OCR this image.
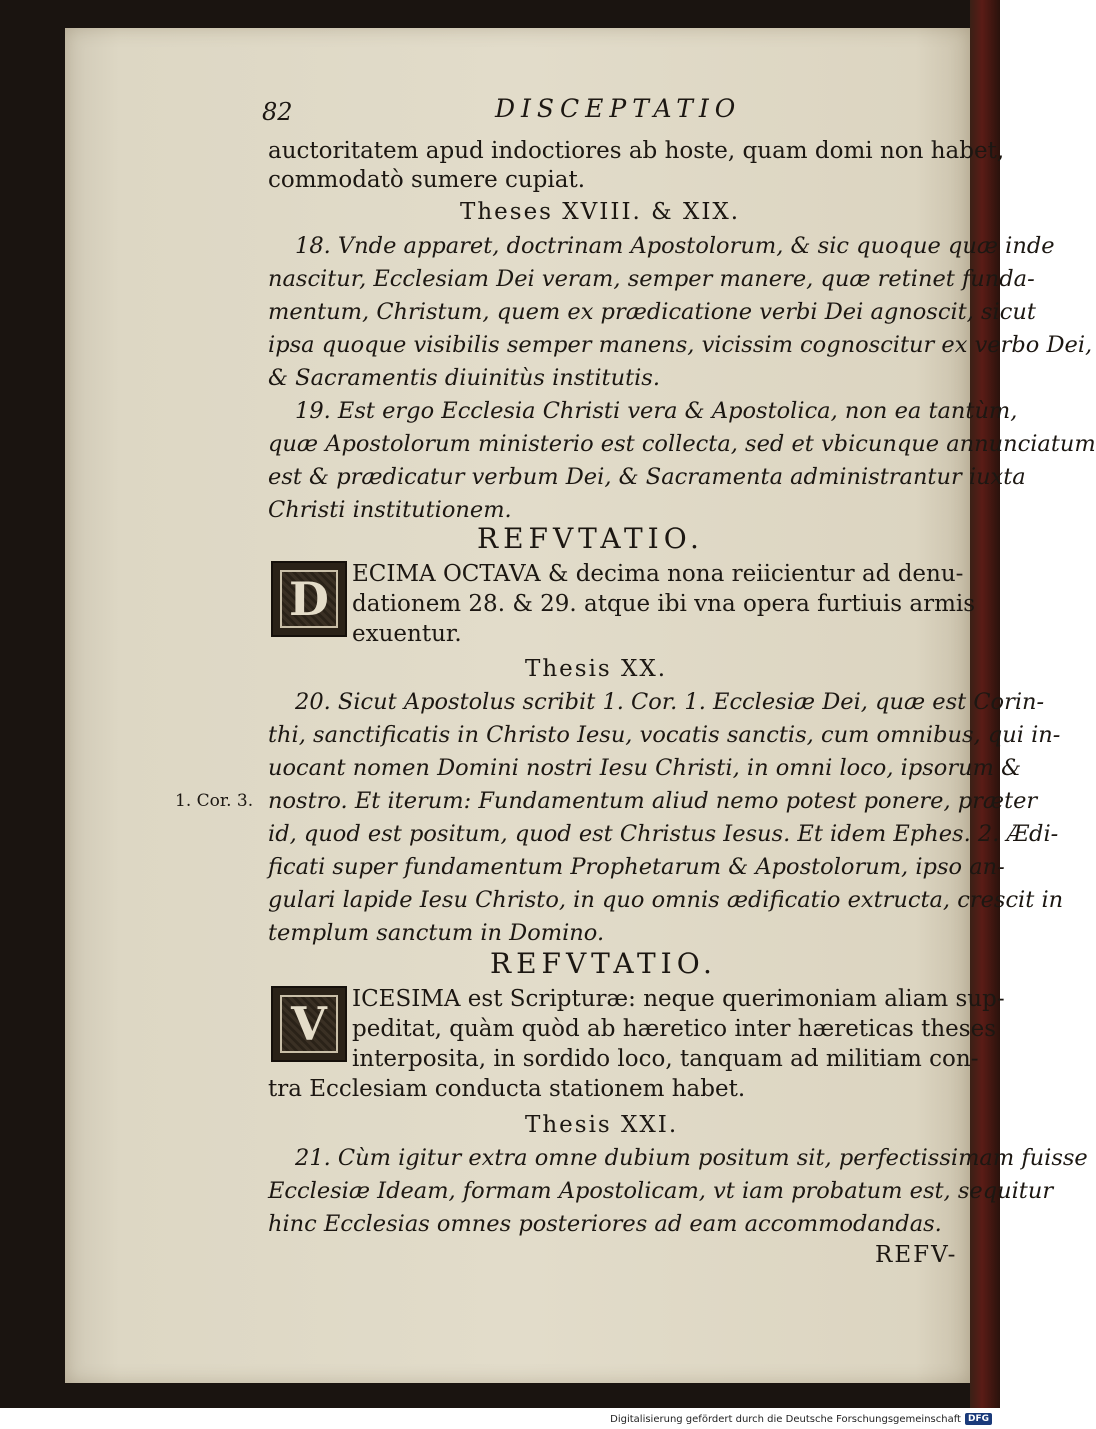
82	DISCEPTATIO
auctoritatem apud indoctiores ab hoste, quam domi non habet,
commodatò sumere cupiat.
Theses XVIII. & XIX.
18. Vnde apparet, doctrinam Apostolorum, & sic quoque quæ inde
nascitur, Ecclesiam Dei veram, semper manere, quæ retinet funda-
mentum, Christum, quem ex prædicatione verbi Dei agnoscit, sicut
ipsa quoque visibilis semper manens, vicissim cognoscitur ex verbo Dei,
& Sacramentis diuinitùs institutis.
19. Est ergo Ecclesia Christi vera & Apostolica, non ea tantùm,
quæ Apostolorum ministerio est collecta, sed et vbicunque annunciatum
est & prædicatur verbum Dei, & Sacramenta administrantur iuxta
Christi institutionem.
REFVTATIO.
D ECIMA OCTAVA & decima nona reiicientur ad denu-
dationem 28. & 29. atque ibi vna opera furtiuis armis
exuentur.
Thesis XX.
20. Sicut Apostolus scribit 1. Cor. 1. Ecclesiæ Dei, quæ est Corin-
thi, sanctificatis in Christo Iesu, vocatis sanctis, cum omnibus, qui in-
uocant nomen Domini nostri Iesu Christi, in omni loco, ipsorum &
1. Cor. 3. nostro. Et iterum: Fundamentum aliud nemo potest ponere, præter
id, quod est positum, quod est Christus Iesus. Et idem Ephes. 2. Ædi-
ficati super fundamentum Prophetarum & Apostolorum, ipso an-
gulari lapide Iesu Christo, in quo omnis ædificatio extructa, crescit in
templum sanctum in Domino.
REFVTATIO.
V ICESIMA est Scripturæ: neque querimoniam aliam sup-
peditat, quàm quòd ab hæretico inter hæreticas theses
interposita, in sordido loco, tanquam ad militiam con-
tra Ecclesiam conducta stationem habet.
Thesis XXI.
21. Cùm igitur extra omne dubium positum sit, perfectissimam fuisse
Ecclesiæ Ideam, formam Apostolicam, vt iam probatum est, sequitur
hinc Ecclesias omnes posteriores ad eam accommodandas.
REFV-
Digitalisierung gefördert durch die Deutsche Forschungsgemeinschaft DFG
